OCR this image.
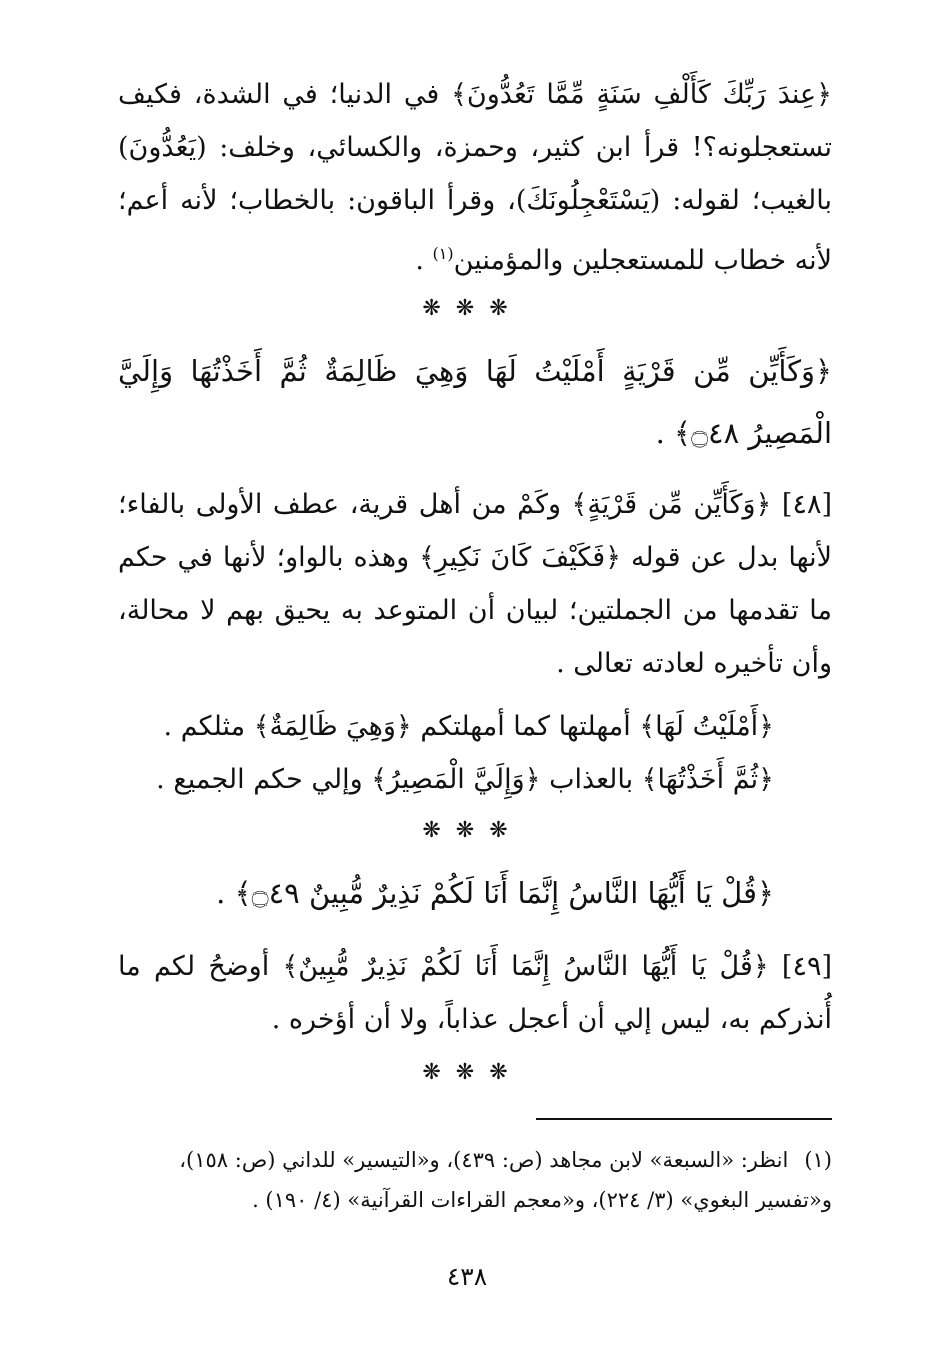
﴿عِندَ رَبِّكَ كَأَلْفِ سَنَةٍ مِّمَّا تَعُدُّونَ﴾ في الدنيا؛ في الشدة، فكيف تستعجلونه؟! قرأ ابن كثير، وحمزة، والكسائي، وخلف: (يَعُدُّونَ) بالغيب؛ لقوله: (يَسْتَعْجِلُونَكَ)، وقرأ الباقون: بالخطاب؛ لأنه أعم؛ لأنه خطاب للمستعجلين والمؤمنين$^{(١)}$ .

❋ ❋ ❋

﴿وَكَأَيِّن مِّن قَرْيَةٍ أَمْلَيْتُ لَهَا وَهِيَ ظَالِمَةٌ ثُمَّ أَخَذْتُهَا وَإِلَيَّ الْمَصِيرُ ۝٤٨﴾ .

[٤٨] ﴿وَكَأَيِّن مِّن قَرْيَةٍ﴾ وكَمْ من أهل قرية، عطف الأولى بالفاء؛ لأنها بدل عن قوله ﴿فَكَيْفَ كَانَ نَكِيرِ﴾ وهذه بالواو؛ لأنها في حكم ما تقدمها من الجملتين؛ لبيان أن المتوعد به يحيق بهم لا محالة، وأن تأخيره لعادته تعالى .

﴿أَمْلَيْتُ لَهَا﴾ أمهلتها كما أمهلتكم ﴿وَهِيَ ظَالِمَةٌ﴾ مثلكم .

﴿ثُمَّ أَخَذْتُهَا﴾ بالعذاب ﴿وَإِلَيَّ الْمَصِيرُ﴾ وإلي حكم الجميع .

❋ ❋ ❋

﴿قُلْ يَا أَيُّهَا النَّاسُ إِنَّمَا أَنَا لَكُمْ نَذِيرٌ مُّبِينٌ ۝٤٩﴾ .

[٤٩] ﴿قُلْ يَا أَيُّهَا النَّاسُ إِنَّمَا أَنَا لَكُمْ نَذِيرٌ مُّبِينٌ﴾ أوضحُ لكم ما أُنذركم به، ليس إلي أن أعجل عذاباً، ولا أن أؤخره .

❋ ❋ ❋

(١)انظر: «السبعة» لابن مجاهد (ص: ٤٣٩)، و«التيسير» للداني (ص: ١٥٨)، و«تفسير البغوي» (٣/ ٢٢٤)، و«معجم القراءات القرآنية» (٤/ ١٩٠) .

٤٣٨
